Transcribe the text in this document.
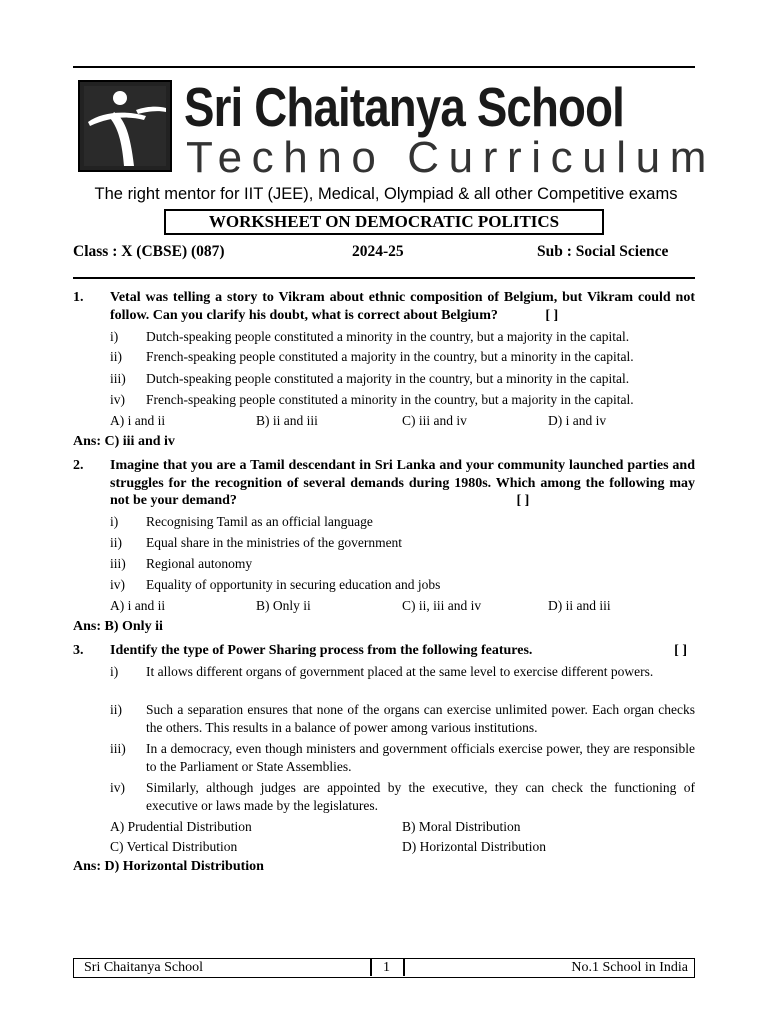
Sri Chaitanya School
Techno Curriculum
The right mentor for IIT (JEE), Medical, Olympiad & all other Competitive exams
WORKSHEET ON DEMOCRATIC POLITICS
Class : X (CBSE) (087)	2024-25	Sub : Social Science
1. Vetal was telling a story to Vikram about ethnic composition of Belgium, but Vikram could not follow. Can you clarify his doubt, what is correct about Belgium?	[ ]
i) Dutch-speaking people constituted a minority in the country, but a majority in the capital.
ii) French-speaking people constituted a majority in the country, but a minority in the capital.
iii) Dutch-speaking people constituted a majority in the country, but a minority in the capital.
iv) French-speaking people constituted a minority in the country, but a majority in the capital.
A) i and ii	B) ii and iii	C) iii and iv	D) i and iv
Ans: C) iii and iv
2. Imagine that you are a Tamil descendant in Sri Lanka and your community launched parties and struggles for the recognition of several demands during 1980s. Which among the following may not be your demand?	[ ]
i) Recognising Tamil as an official language
ii) Equal share in the ministries of the government
iii) Regional autonomy
iv) Equality of opportunity in securing education and jobs
A) i and ii	B) Only ii	C) ii, iii and iv	D) ii and iii
Ans: B) Only ii
3. Identify the type of Power Sharing process from the following features.	[ ]
i) It allows different organs of government placed at the same level to exercise different powers.
ii) Such a separation ensures that none of the organs can exercise unlimited power. Each organ checks the others. This results in a balance of power among various institutions.
iii) In a democracy, even though ministers and government officials exercise power, they are responsible to the Parliament or State Assemblies.
iv) Similarly, although judges are appointed by the executive, they can check the functioning of executive or laws made by the legislatures.
A) Prudential Distribution	B) Moral Distribution
C) Vertical Distribution	D) Horizontal Distribution
Ans: D) Horizontal Distribution
Sri Chaitanya School	1	No.1 School in India
